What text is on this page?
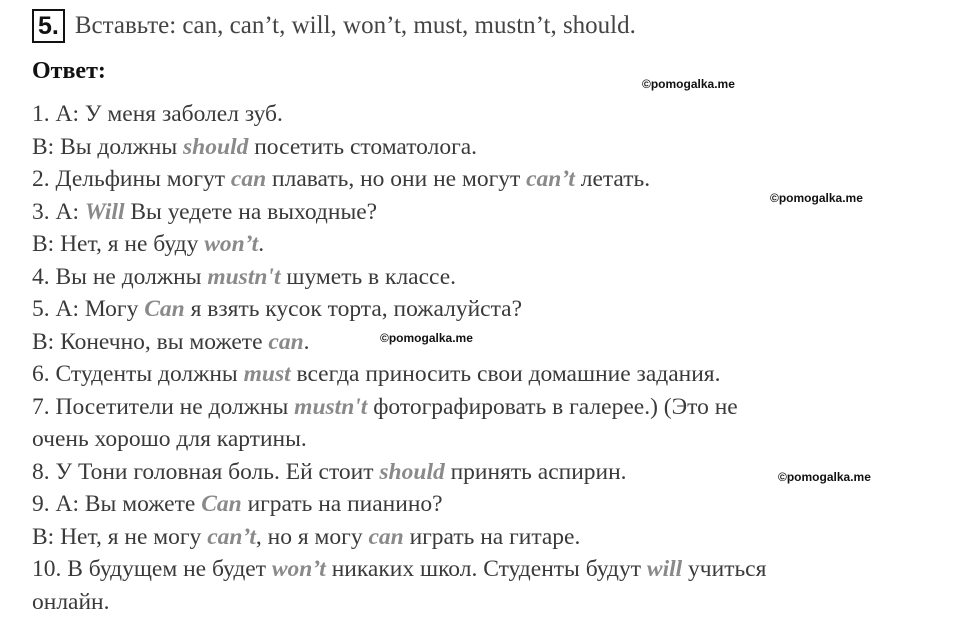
5. Вставьте: can, can’t, will, won’t, must, mustn’t, should.
Ответ:	©pomogalka.me
©pomogalka.me
©pomogalka.me
©pomogalka.me
1. А: У меня заболел зуб.
В: Вы должны should посетить стоматолога.
2. Дельфины могут can плавать, но они не могут can’t летать.
3. А: Will Вы уедете на выходные?
В: Нет, я не буду won’t.
4. Вы не должны mustn't шуметь в классе.
5. А: Могу Can я взять кусок торта, пожалуйста?
В: Конечно, вы можете can.
6. Студенты должны must всегда приносить свои домашние задания.
7. Посетители не должны mustn't фотографировать в галерее.) (Это не
очень хорошо для картины.
8. У Тони головная боль. Ей стоит should принять аспирин.
9. А: Вы можете Can играть на пианино?
В: Нет, я не могу can’t, но я могу can играть на гитаре.
10. В будущем не будет won’t никаких школ. Студенты будут will учиться
онлайн.
